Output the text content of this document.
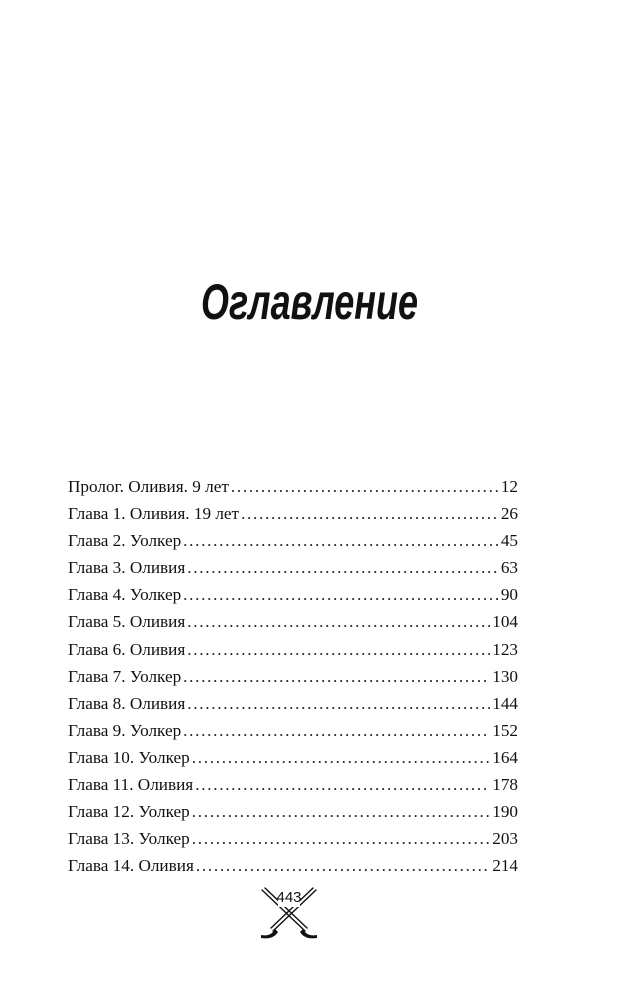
Оглавление
Пролог. Оливия. 9 лет . . .	12
Глава 1. Оливия. 19 лет . . .	26
Глава 2. Уолкер . . .	45
Глава 3. Оливия . . .	63
Глава 4. Уолкер . . .	90
Глава 5. Оливия . . .	104
Глава 6. Оливия . . .	123
Глава 7. Уолкер . . .	130
Глава 8. Оливия . . .	144
Глава 9. Уолкер . . .	152
Глава 10. Уолкер . . .	164
Глава 11. Оливия . . .	178
Глава 12. Уолкер . . .	190
Глава 13. Уолкер . . .	203
Глава 14. Оливия . . .	214
443
